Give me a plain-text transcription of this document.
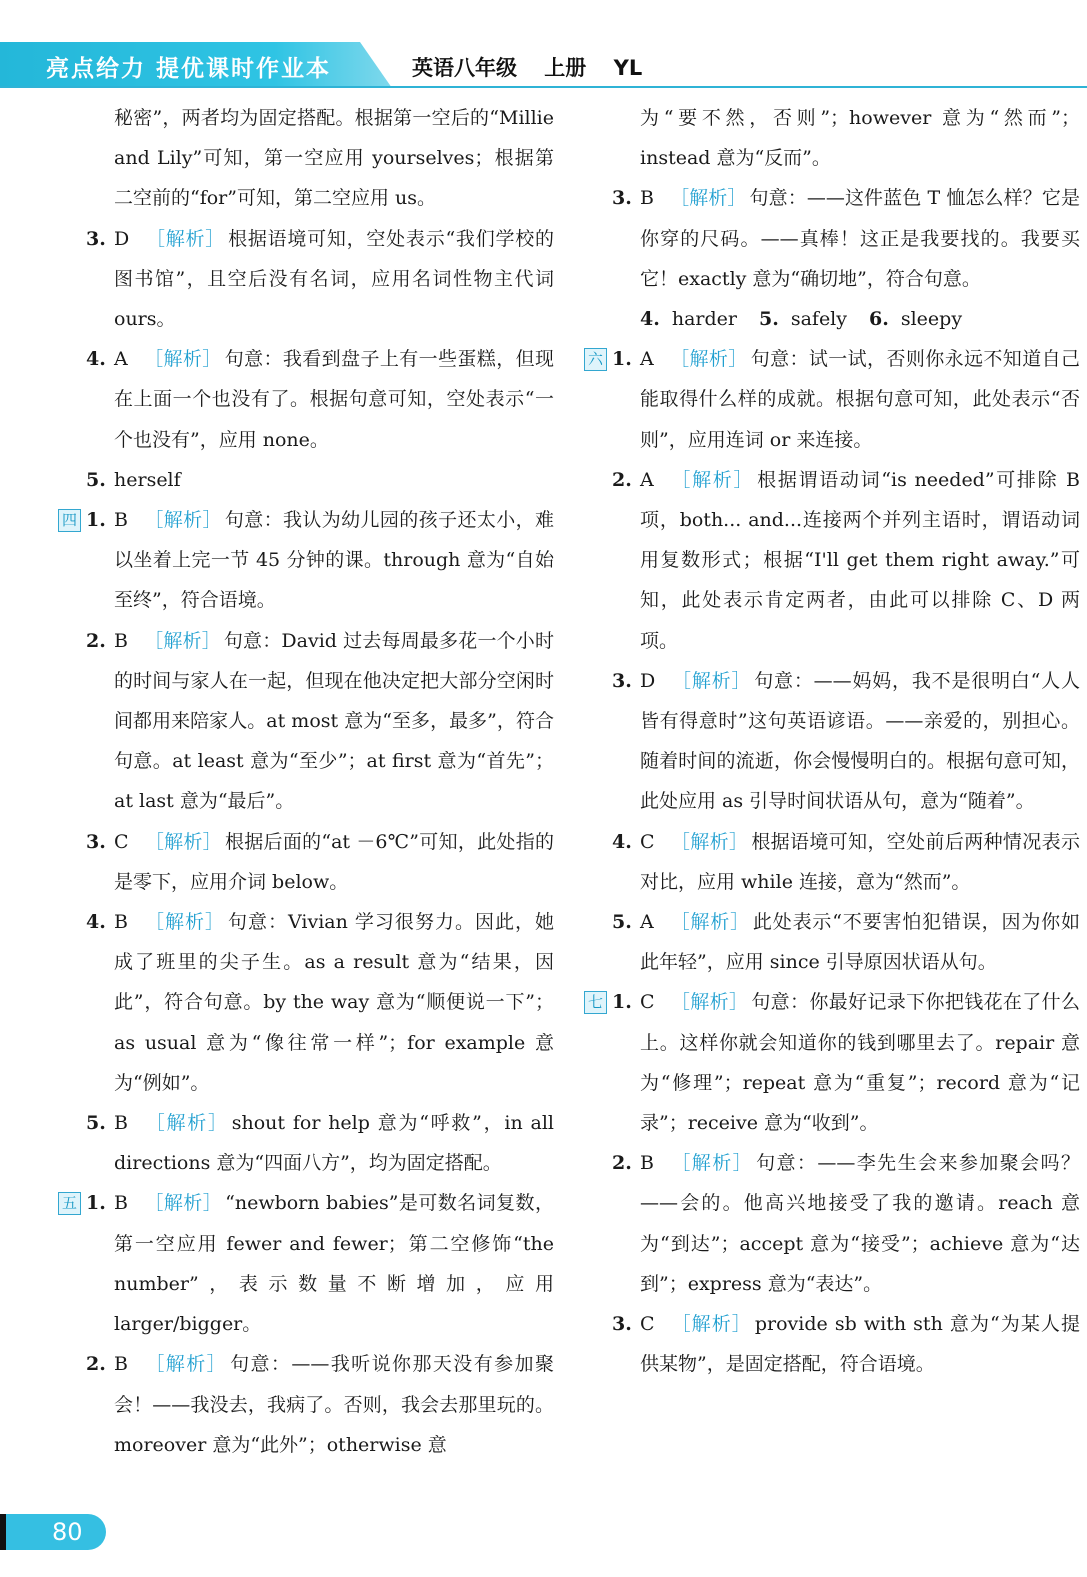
亮点给力 提优课时作业本	英语八年级 上册 YL

秘密”，两者均为固定搭配。根据第一空后的“Millie and Lily”可知，第一空应用 yourselves；根据第二空前的“for”可知，第二空应用 us。

3. D ［解析］ 根据语境可知，空处表示“我们学校的图书馆”，且空后没有名词，应用名词性物主代词 ours。

4. A ［解析］ 句意：我看到盘子上有一些蛋糕，但现在上面一个也没有了。根据句意可知，空处表示“一个也没有”，应用 none。

5. herself

四 1. B ［解析］ 句意：我认为幼儿园的孩子还太小，难以坐着上完一节 45 分钟的课。through 意为“自始至终”，符合语境。

2. B ［解析］ 句意：David 过去每周最多花一个小时的时间与家人在一起，但现在他决定把大部分空闲时间都用来陪家人。at most 意为“至多，最多”，符合句意。at least 意为“至少”；at first 意为“首先”；at last 意为“最后”。

3. C ［解析］ 根据后面的“at －6℃”可知，此处指的是零下，应用介词 below。

4. B ［解析］ 句意：Vivian 学习很努力。因此，她成了班里的尖子生。as a result 意为“结果，因此”，符合句意。by the way 意为“顺便说一下”；as usual 意为“像往常一样”；for example 意为“例如”。

5. B ［解析］ shout for help 意为“呼救”，in all directions 意为“四面八方”，均为固定搭配。

五 1. B ［解析］ “newborn babies”是可数名词复数，第一空应用 fewer and fewer；第二空修饰“the number”，表示数量不断增加，应用 larger/bigger。

2. B ［解析］ 句意：——我听说你那天没有参加聚会！——我没去，我病了。否则，我会去那里玩的。moreover 意为“此外”；otherwise 意

为“要不然，否则”；however 意为“然而”；instead 意为“反而”。

3. B ［解析］ 句意：——这件蓝色 T 恤怎么样？它是你穿的尺码。——真棒！这正是我要找的。我要买它！exactly 意为“确切地”，符合句意。

4. harder 5. safely 6. sleepy

六 1. A ［解析］ 句意：试一试，否则你永远不知道自己能取得什么样的成就。根据句意可知，此处表示“否则”，应用连词 or 来连接。

2. A ［解析］ 根据谓语动词“is needed”可排除 B 项，both... and...连接两个并列主语时，谓语动词用复数形式；根据“I'll get them right away.”可知，此处表示肯定两者，由此可以排除 C、D 两项。

3. D ［解析］ 句意：——妈妈，我不是很明白“人人皆有得意时”这句英语谚语。——亲爱的，别担心。随着时间的流逝，你会慢慢明白的。根据句意可知，此处应用 as 引导时间状语从句，意为“随着”。

4. C ［解析］ 根据语境可知，空处前后两种情况表示对比，应用 while 连接，意为“然而”。

5. A ［解析］ 此处表示“不要害怕犯错误，因为你如此年轻”，应用 since 引导原因状语从句。

七 1. C ［解析］ 句意：你最好记录下你把钱花在了什么上。这样你就会知道你的钱到哪里去了。repair 意为“修理”；repeat 意为“重复”；record 意为“记录”；receive 意为“收到”。

2. B ［解析］ 句意：——李先生会来参加聚会吗？——会的。他高兴地接受了我的邀请。reach 意为“到达”；accept 意为“接受”；achieve 意为“达到”；express 意为“表达”。

3. C ［解析］ provide sb with sth 意为“为某人提供某物”，是固定搭配，符合语境。

80
